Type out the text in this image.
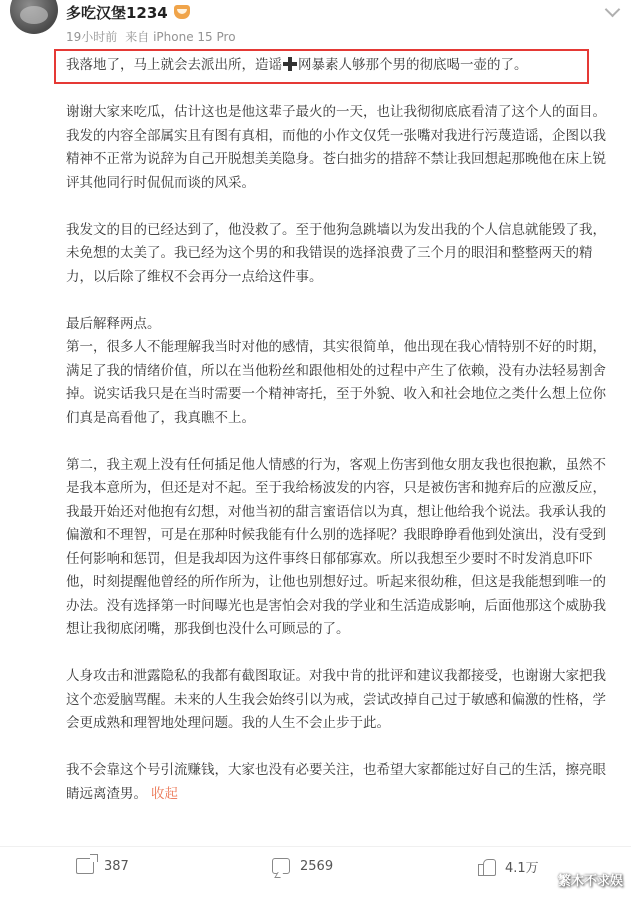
多吃汉堡1234
19小时前 来自 iPhone 15 Pro

我落地了，马上就会去派出所，造谣 网暴素人够那个男的彻底喝一壶的了。

谢谢大家来吃瓜，估计这也是他这辈子最火的一天，也让我彻彻底底看清了这个人的面目。我发的内容全部属实且有图有真相，而他的小作文仅凭一张嘴对我进行污蔑造谣，企图以我精神不正常为说辞为自己开脱想美美隐身。苍白拙劣的措辞不禁让我回想起那晚他在床上锐评其他同行时侃侃而谈的风采。

我发文的目的已经达到了，他没救了。至于他狗急跳墙以为发出我的个人信息就能毁了我，未免想的太美了。我已经为这个男的和我错误的选择浪费了三个月的眼泪和整整两天的精力，以后除了维权不会再分一点给这件事。

最后解释两点。

第一，很多人不能理解我当时对他的感情，其实很简单，他出现在我心情特别不好的时期，满足了我的情绪价值，所以在当他粉丝和跟他相处的过程中产生了依赖，没有办法轻易割舍掉。说实话我只是在当时需要一个精神寄托，至于外貌、收入和社会地位之类什么想上位你们真是高看他了，我真瞧不上。

第二，我主观上没有任何插足他人情感的行为，客观上伤害到他女朋友我也很抱歉，虽然不是我本意所为，但还是对不起。至于我给杨波发的内容，只是被伤害和抛弃后的应激反应，我最开始还对他抱有幻想，对他当初的甜言蜜语信以为真，想让他给我个说法。我承认我的偏激和不理智，可是在那种时候我能有什么别的选择呢？我眼睁睁看他到处演出，没有受到任何影响和惩罚，但是我却因为这件事终日郁郁寡欢。所以我想至少要时不时发消息吓吓他，时刻提醒他曾经的所作所为，让他也别想好过。听起来很幼稚，但这是我能想到唯一的办法。没有选择第一时间曝光也是害怕会对我的学业和生活造成影响，后面他那这个威胁我想让我彻底闭嘴，那我倒也没什么可顾忌的了。

人身攻击和泄露隐私的我都有截图取证。对我中肯的批评和建议我都接受，也谢谢大家把我这个恋爱脑骂醒。未来的人生我会始终引以为戒，尝试改掉自己过于敏感和偏激的性格，学会更成熟和理智地处理问题。我的人生不会止步于此。

我不会靠这个号引流赚钱，大家也没有必要关注，也希望大家都能过好自己的生活，擦亮眼睛远离渣男。 收起

387	2569	4.1万
繁木不求娱
